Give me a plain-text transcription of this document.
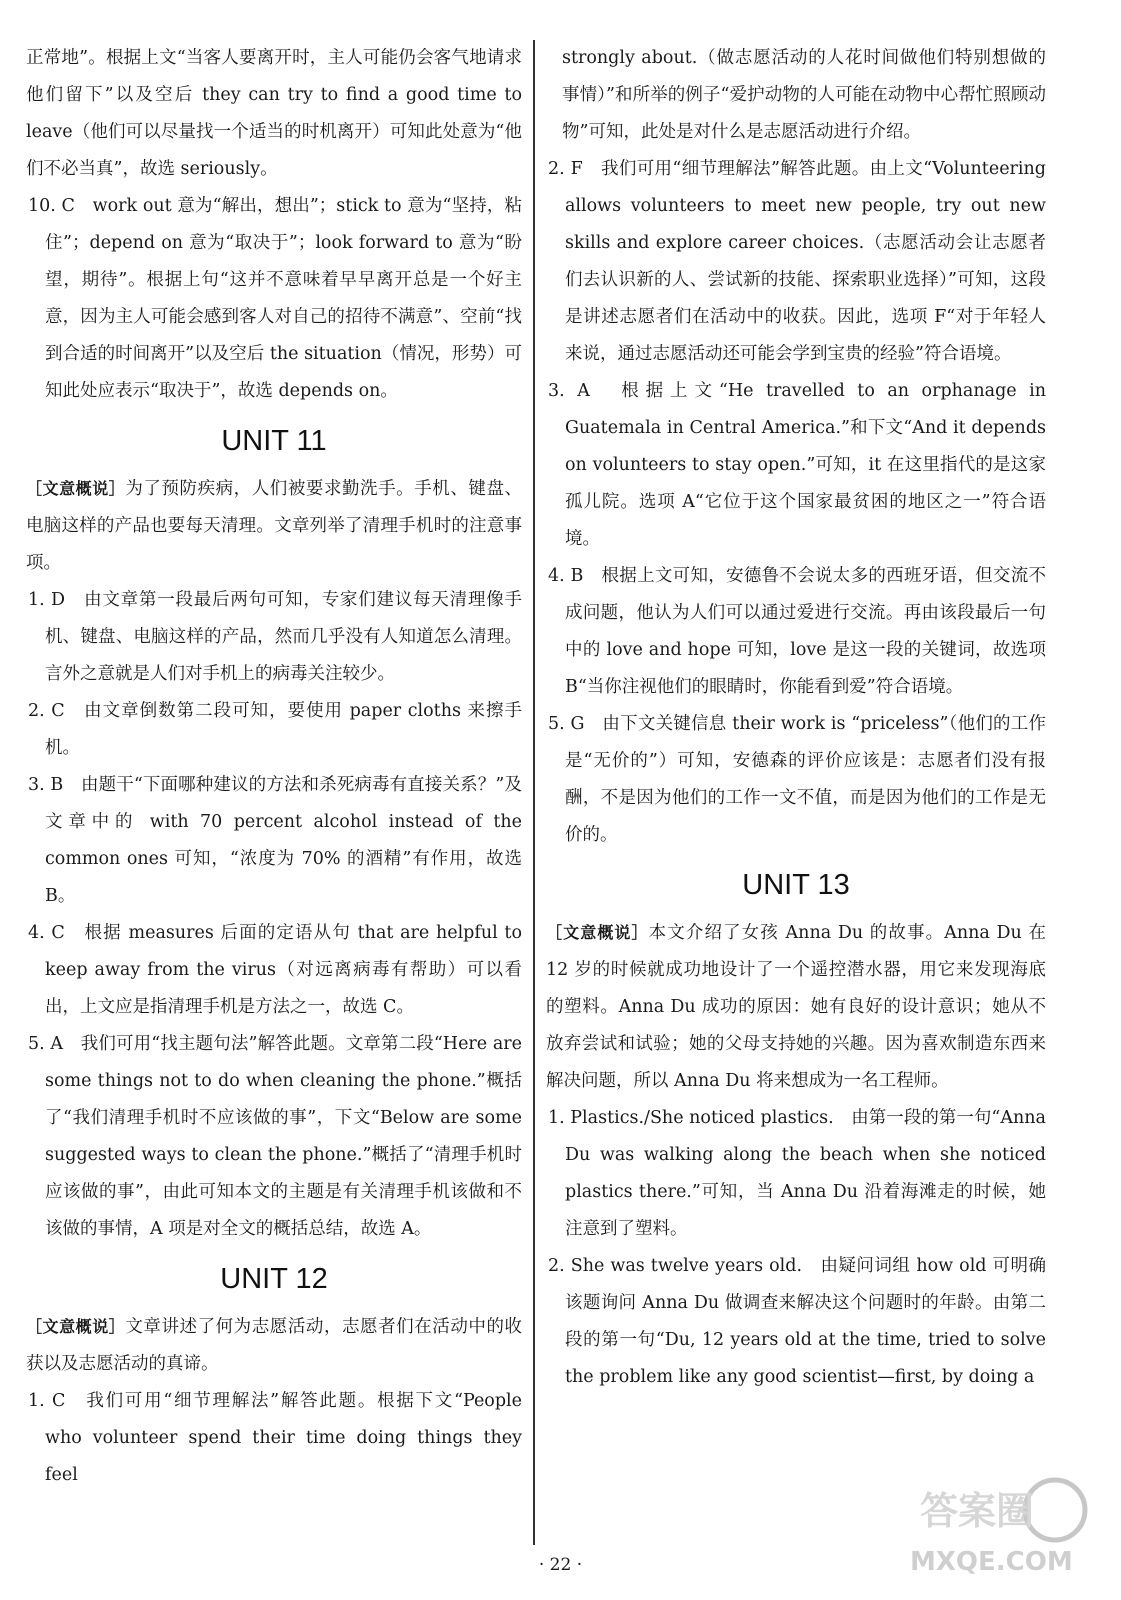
正常地”。根据上文“当客人要离开时，主人可能仍会客气地请求他们留下”以及空后 they can try to find a good time to leave（他们可以尽量找一个适当的时机离开）可知此处意为“他们不必当真”，故选 seriously。

10. C　work out 意为“解出，想出”；stick to 意为“坚持，粘住”；depend on 意为“取决于”；look forward to 意为“盼望，期待”。根据上句“这并不意味着早早离开总是一个好主意，因为主人可能会感到客人对自己的招待不满意”、空前“找到合适的时间离开”以及空后 the situation（情况，形势）可知此处应表示“取决于”，故选 depends on。

UNIT 11

［文意概说］为了预防疾病，人们被要求勤洗手。手机、键盘、电脑这样的产品也要每天清理。文章列举了清理手机时的注意事项。

1. D　由文章第一段最后两句可知，专家们建议每天清理像手机、键盘、电脑这样的产品，然而几乎没有人知道怎么清理。言外之意就是人们对手机上的病毒关注较少。

2. C　由文章倒数第二段可知，要使用 paper cloths 来擦手机。

3. B　由题干“下面哪种建议的方法和杀死病毒有直接关系？”及文章中的 with 70 percent alcohol instead of the common ones 可知，“浓度为 70% 的酒精”有作用，故选B。

4. C　根据 measures 后面的定语从句 that are helpful to keep away from the virus（对远离病毒有帮助）可以看出，上文应是指清理手机是方法之一，故选 C。

5. A　我们可用“找主题句法”解答此题。文章第二段“Here are some things not to do when cleaning the phone.”概括了“我们清理手机时不应该做的事”，下文“Below are some suggested ways to clean the phone.”概括了“清理手机时应该做的事”，由此可知本文的主题是有关清理手机该做和不该做的事情，A 项是对全文的概括总结，故选 A。

UNIT 12

［文意概说］文章讲述了何为志愿活动，志愿者们在活动中的收获以及志愿活动的真谛。

1. C　我们可用“细节理解法”解答此题。根据下文“People who volunteer spend their time doing things they feel

strongly about.（做志愿活动的人花时间做他们特别想做的事情）”和所举的例子“爱护动物的人可能在动物中心帮忙照顾动物”可知，此处是对什么是志愿活动进行介绍。

2. F　我们可用“细节理解法”解答此题。由上文“Volunteering allows volunteers to meet new people, try out new skills and explore career choices.（志愿活动会让志愿者们去认识新的人、尝试新的技能、探索职业选择）”可知，这段是讲述志愿者们在活动中的收获。因此，选项 F“对于年轻人来说，通过志愿活动还可能会学到宝贵的经验”符合语境。

3. A　根据上文“He travelled to an orphanage in Guatemala in Central America.”和下文“And it depends on volunteers to stay open.”可知，it 在这里指代的是这家孤儿院。选项 A“它位于这个国家最贫困的地区之一”符合语境。

4. B　根据上文可知，安德鲁不会说太多的西班牙语，但交流不成问题，他认为人们可以通过爱进行交流。再由该段最后一句中的 love and hope 可知，love 是这一段的关键词，故选项 B“当你注视他们的眼睛时，你能看到爱”符合语境。

5. G　由下文关键信息 their work is “priceless”（他们的工作是“无价的”）可知，安德森的评价应该是：志愿者们没有报酬，不是因为他们的工作一文不值，而是因为他们的工作是无价的。

UNIT 13

［文意概说］本文介绍了女孩 Anna Du 的故事。Anna Du 在 12 岁的时候就成功地设计了一个遥控潜水器，用它来发现海底的塑料。Anna Du 成功的原因：她有良好的设计意识；她从不放弃尝试和试验；她的父母支持她的兴趣。因为喜欢制造东西来解决问题，所以 Anna Du 将来想成为一名工程师。

1. Plastics./She noticed plastics.　由第一段的第一句“Anna Du was walking along the beach when she noticed plastics there.”可知，当 Anna Du 沿着海滩走的时候，她注意到了塑料。

2. She was twelve years old.　由疑问词组 how old 可明确该题询问 Anna Du 做调查来解决这个问题时的年龄。由第二段的第一句“Du, 12 years old at the time, tried to solve the problem like any good scientist—first, by doing a

· 22 ·
答案圈
MXQE.COM
